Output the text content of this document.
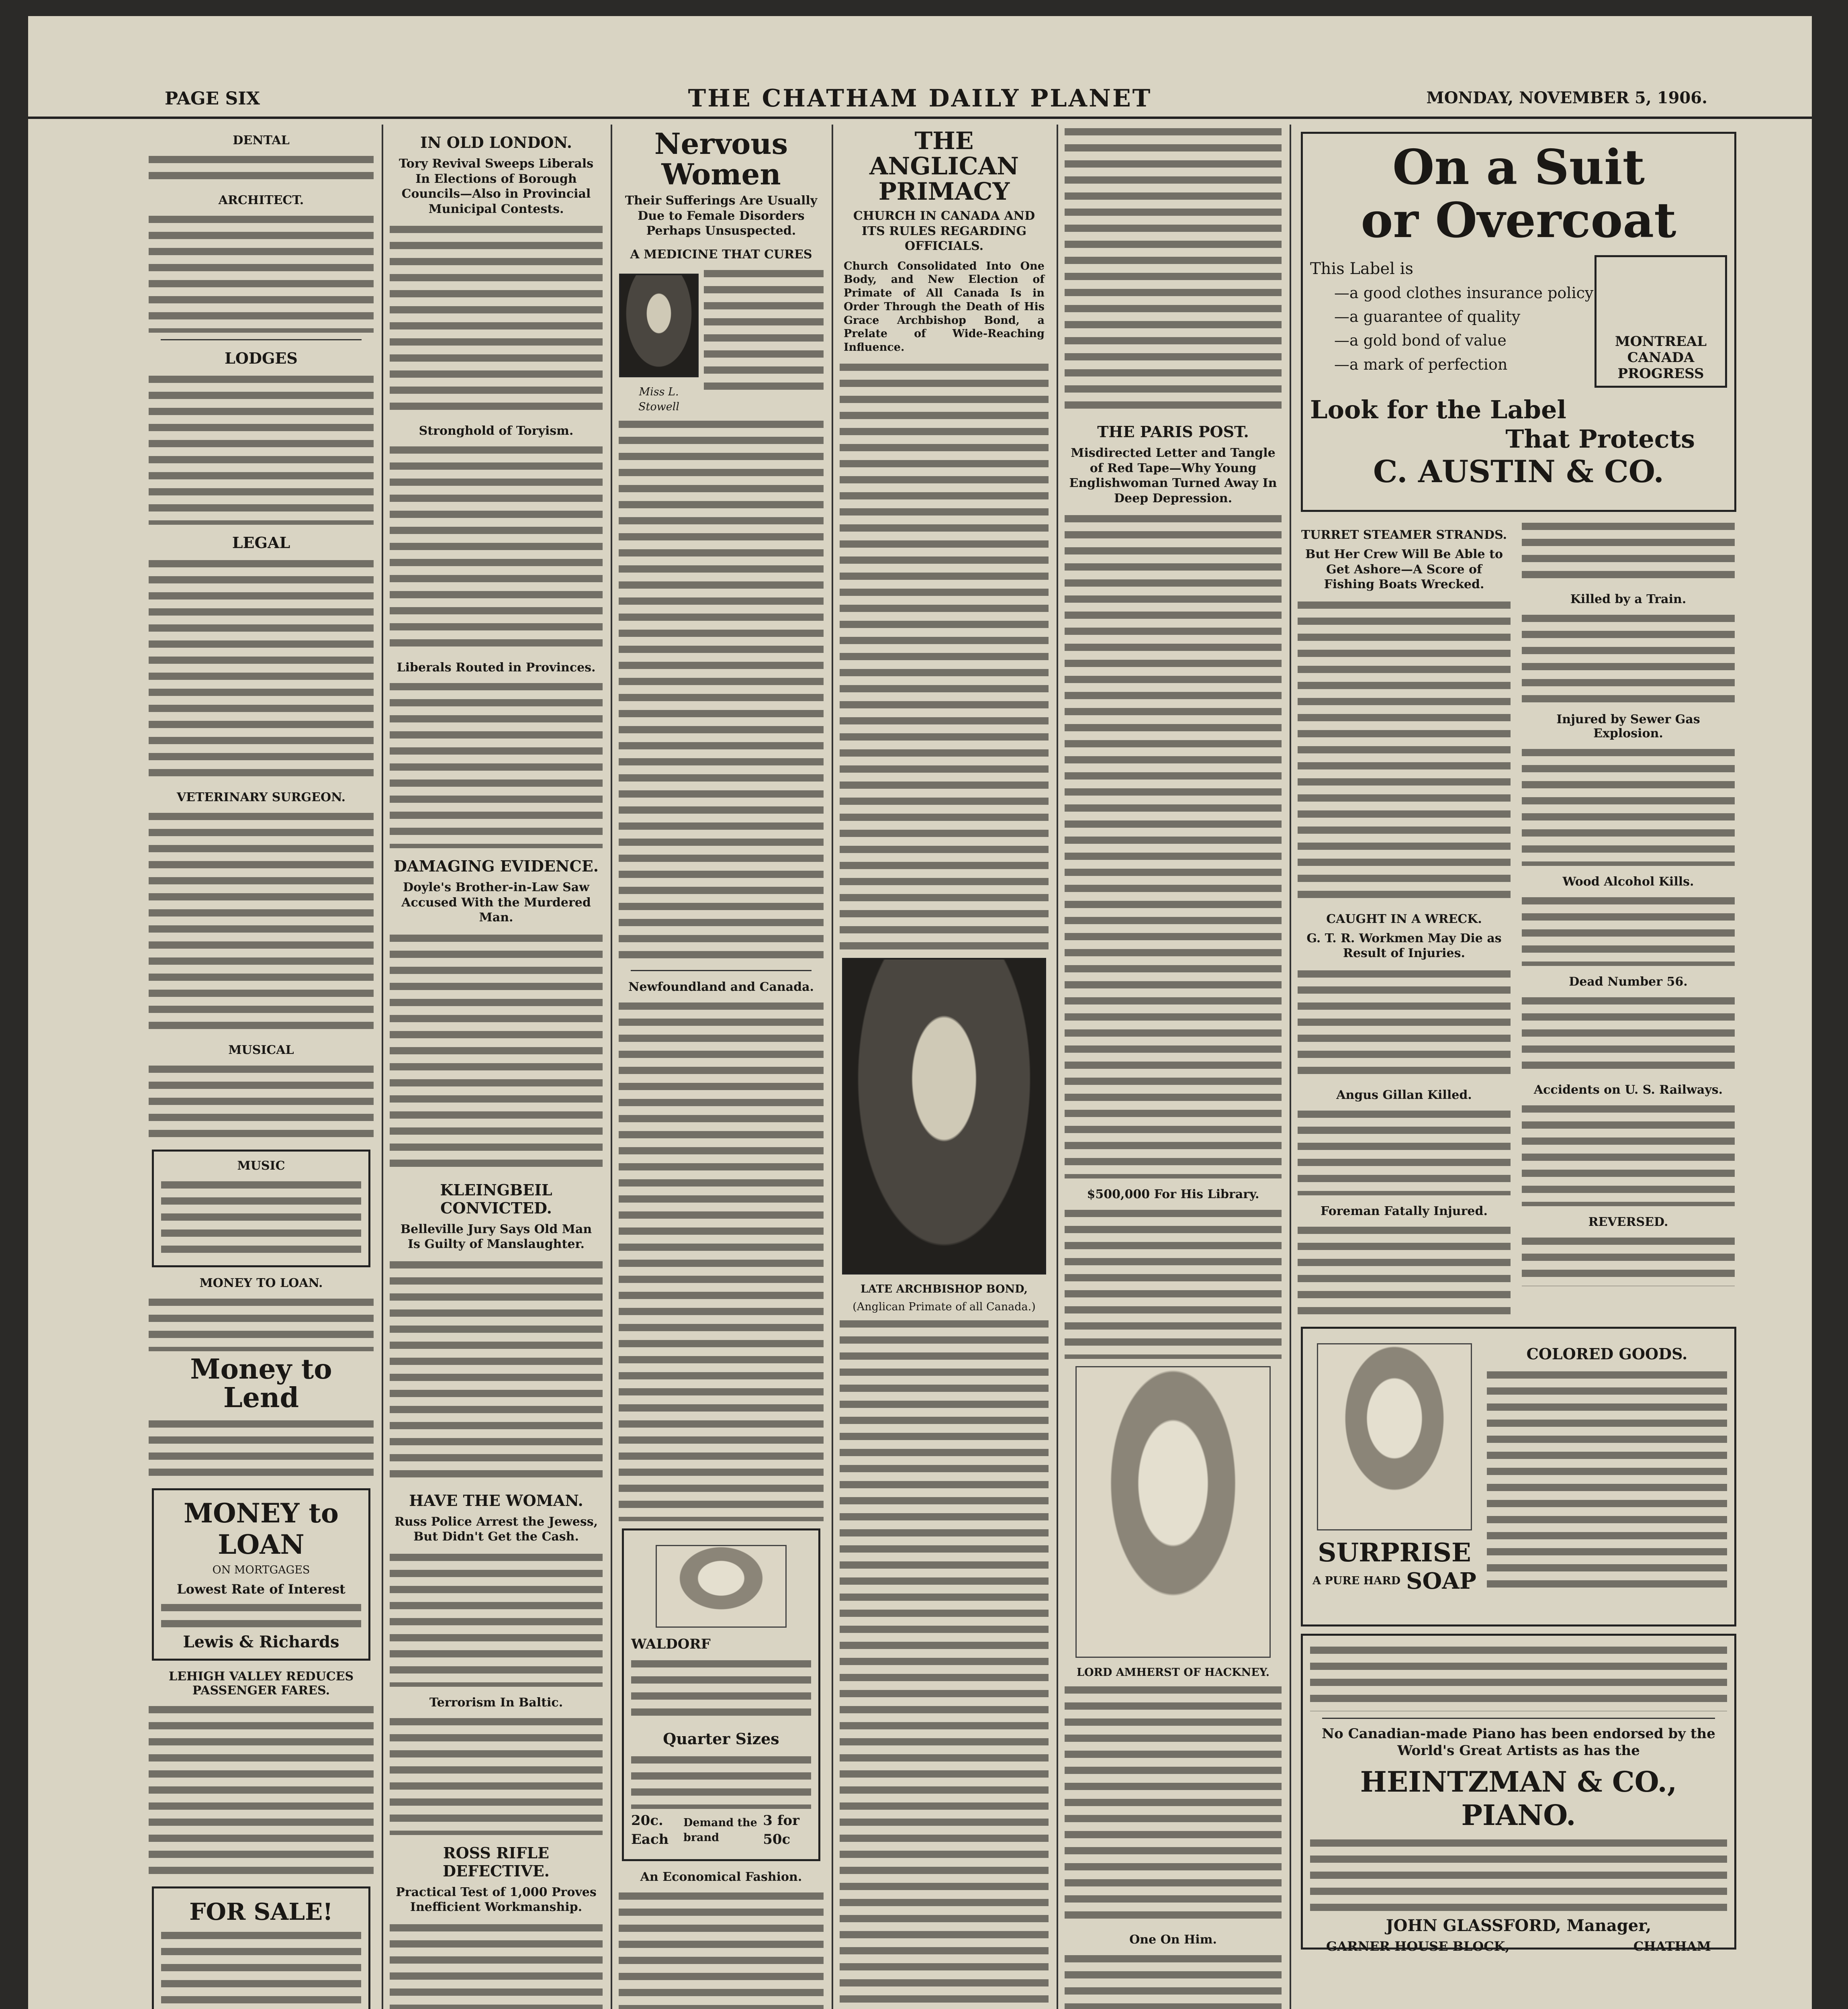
PAGE SIX	THE CHATHAM DAILY PLANET	MONDAY, NOVEMBER 5, 1906.
DENTAL
ARCHITECT.
LODGES
LEGAL
VETERINARY SURGEON.
MUSICAL
MUSIC
MONEY TO LOAN.
Money to Lend
MONEY to LOAN
ON MORTGAGES
Lowest Rate of Interest
Lewis & Richards
LEHIGH VALLEY REDUCES PASSENGER FARES.
FOR SALE!
IN OLD LONDON.
Tory Revival Sweeps Liberals In Elections of Borough Councils—Also in Provincial Municipal Contests.
Stronghold of Toryism.
Liberals Routed in Provinces.
DAMAGING EVIDENCE.
Doyle's Brother-in-Law Saw Accused With the Murdered Man.
KLEINGBEIL CONVICTED.
Belleville Jury Says Old Man Is Guilty of Manslaughter.
HAVE THE WOMAN.
Russ Police Arrest the Jewess, But Didn't Get the Cash.
Terrorism In Baltic.
ROSS RIFLE DEFECTIVE.
Practical Test of 1,000 Proves Inefficient Workmanship.
Nervous Women
Their Sufferings Are Usually Due to Female Disorders Perhaps Unsuspected.
A MEDICINE THAT CURES
Miss L. Stowell
Newfoundland and Canada.
WALDORF
Quarter Sizes
20c. Each
Demand the brand
3 for 50c
An Economical Fashion.
THE ANGLICAN PRIMACY
CHURCH IN CANADA AND ITS RULES REGARDING OFFICIALS.
Church Consolidated Into One Body, and New Election of Primate of All Canada Is in Order Through the Death of His Grace Archbishop Bond, a Prelate of Wide-Reaching Influence.
LATE ARCHBISHOP BOND,
(Anglican Primate of all Canada.)
THE PARIS POST.
Misdirected Letter and Tangle of Red Tape—Why Young Englishwoman Turned Away In Deep Depression.
$500,000 For His Library.
LORD AMHERST OF HACKNEY.
One On Him.
On a Suit
or Overcoat
This Label is
—a good clothes insurance policy
—a guarantee of quality
—a gold bond of value
—a mark of perfection
MONTREAL CANADA PROGRESS
Look for the Label
That Protects
C. AUSTIN & CO.
TURRET STEAMER STRANDS.
But Her Crew Will Be Able to Get Ashore—A Score of Fishing Boats Wrecked.
CAUGHT IN A WRECK.
G. T. R. Workmen May Die as Result of Injuries.
Angus Gillan Killed.
Foreman Fatally Injured.
Killed by a Train.
Injured by Sewer Gas Explosion.
Wood Alcohol Kills.
Dead Number 56.
Accidents on U. S. Railways.
REVERSED.
SURPRISE
A PURE HARD SOAP
COLORED GOODS.
No Canadian-made Piano has been endorsed by the World's Great Artists as has the
HEINTZMAN & CO., PIANO.
JOHN GLASSFORD, Manager,
GARNER HOUSE BLOCK,	CHATHAM
